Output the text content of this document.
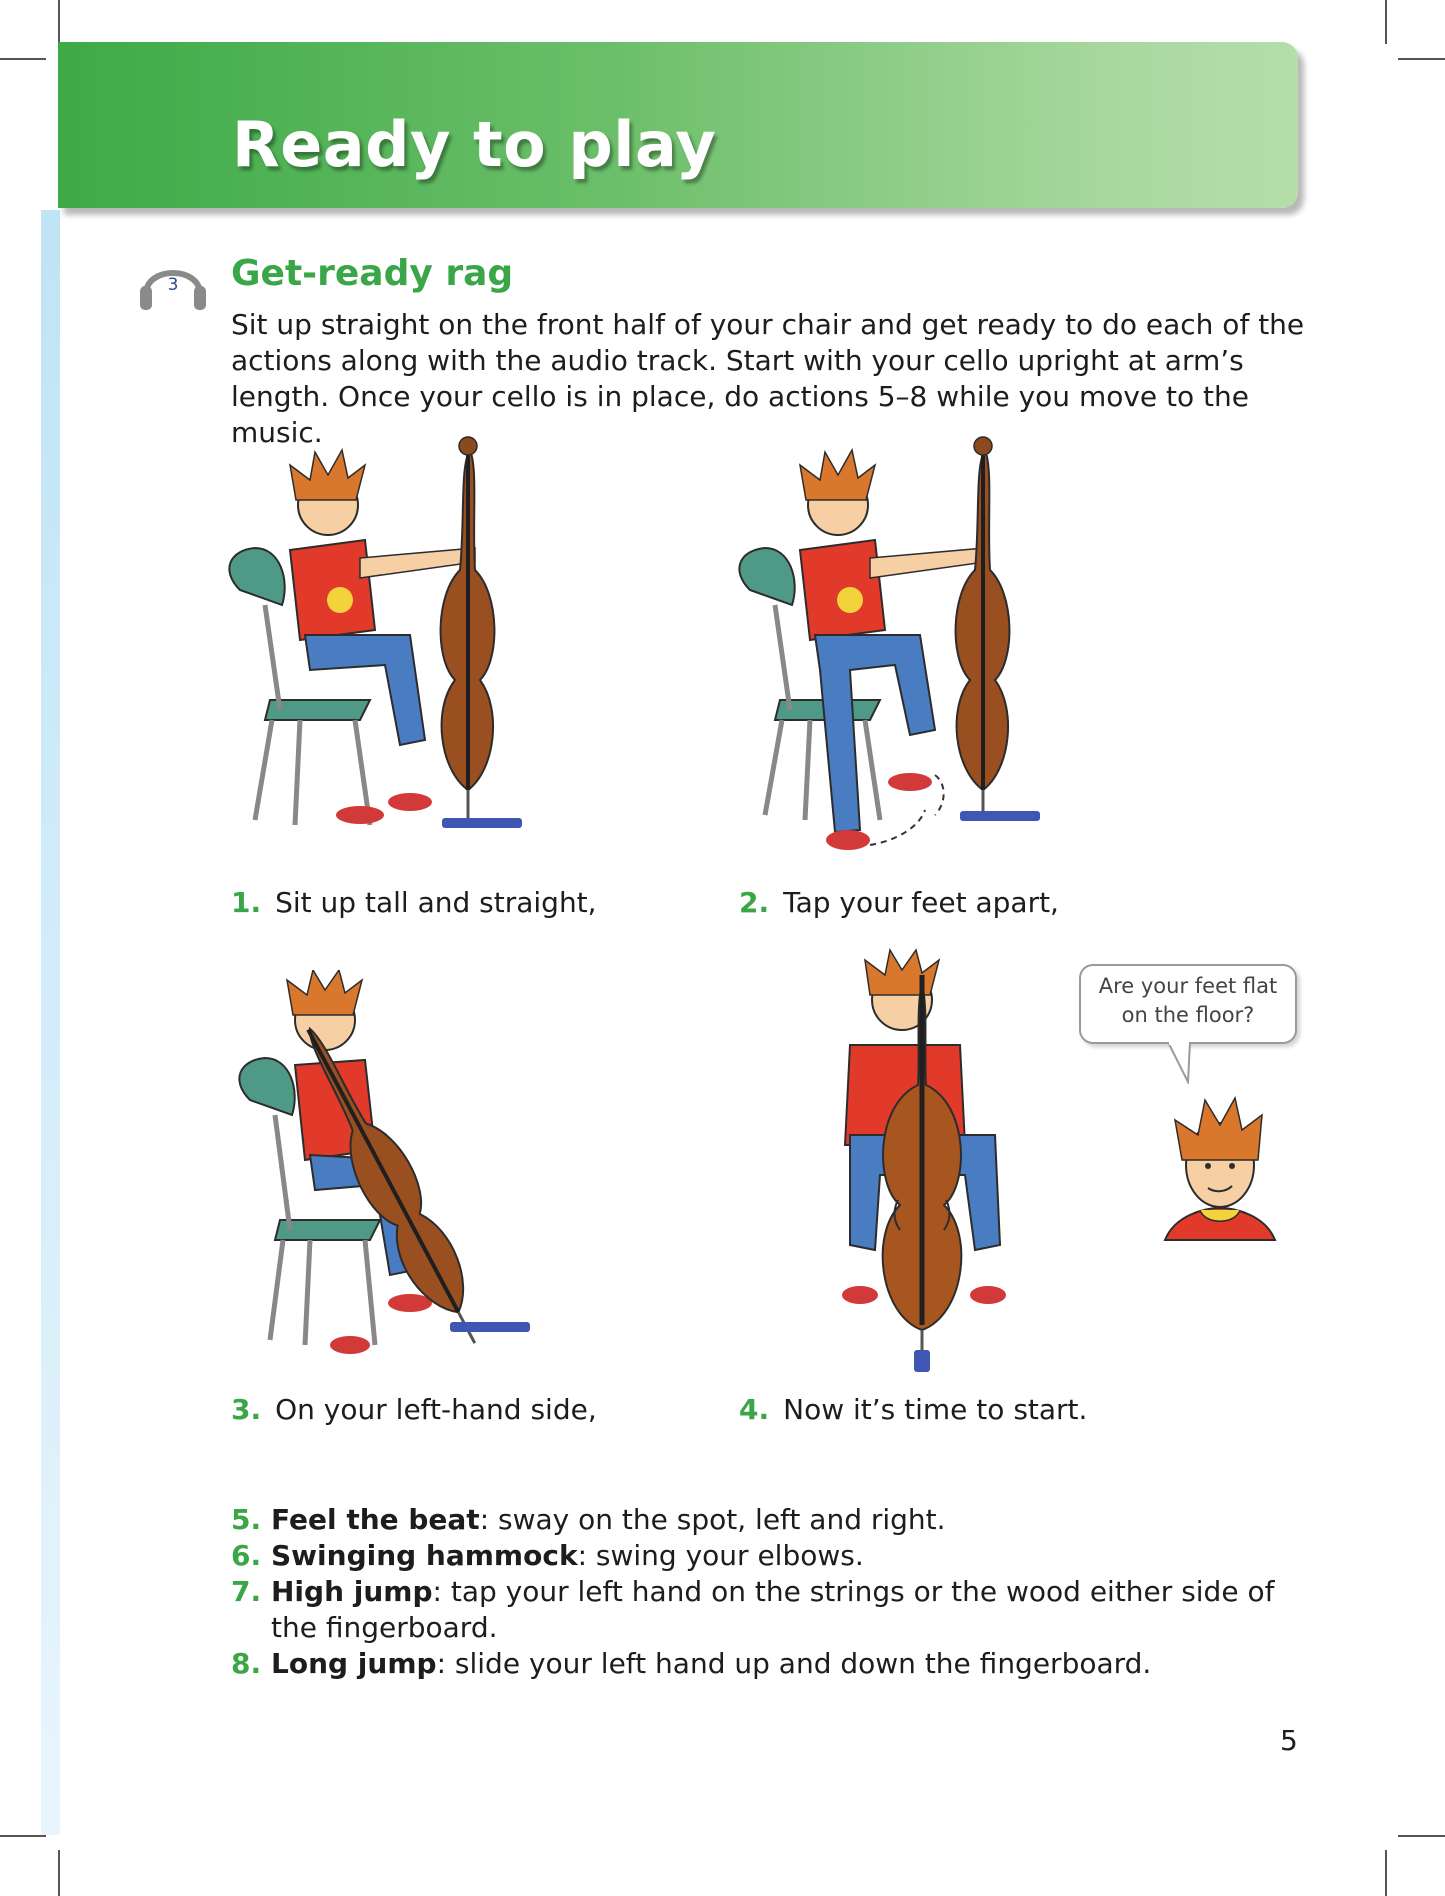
Ready to play
3 Get-ready rag

Sit up straight on the front half of your chair and get ready to do each of the actions along with the audio track. Start with your cello upright at arm’s length. Once your cello is in place, do actions 5–8 while you move to the music.

1. Sit up tall and straight,	2. Tap your feet apart,

Are your feet flat
on the floor?

3. On your left-hand side,	4. Now it’s time to start.

5. Feel the beat: sway on the spot, left and right.
6. Swinging hammock: swing your elbows.
7. High jump: tap your left hand on the strings or the wood either side of the fingerboard.
8. Long jump: slide your left hand up and down the fingerboard.

5
